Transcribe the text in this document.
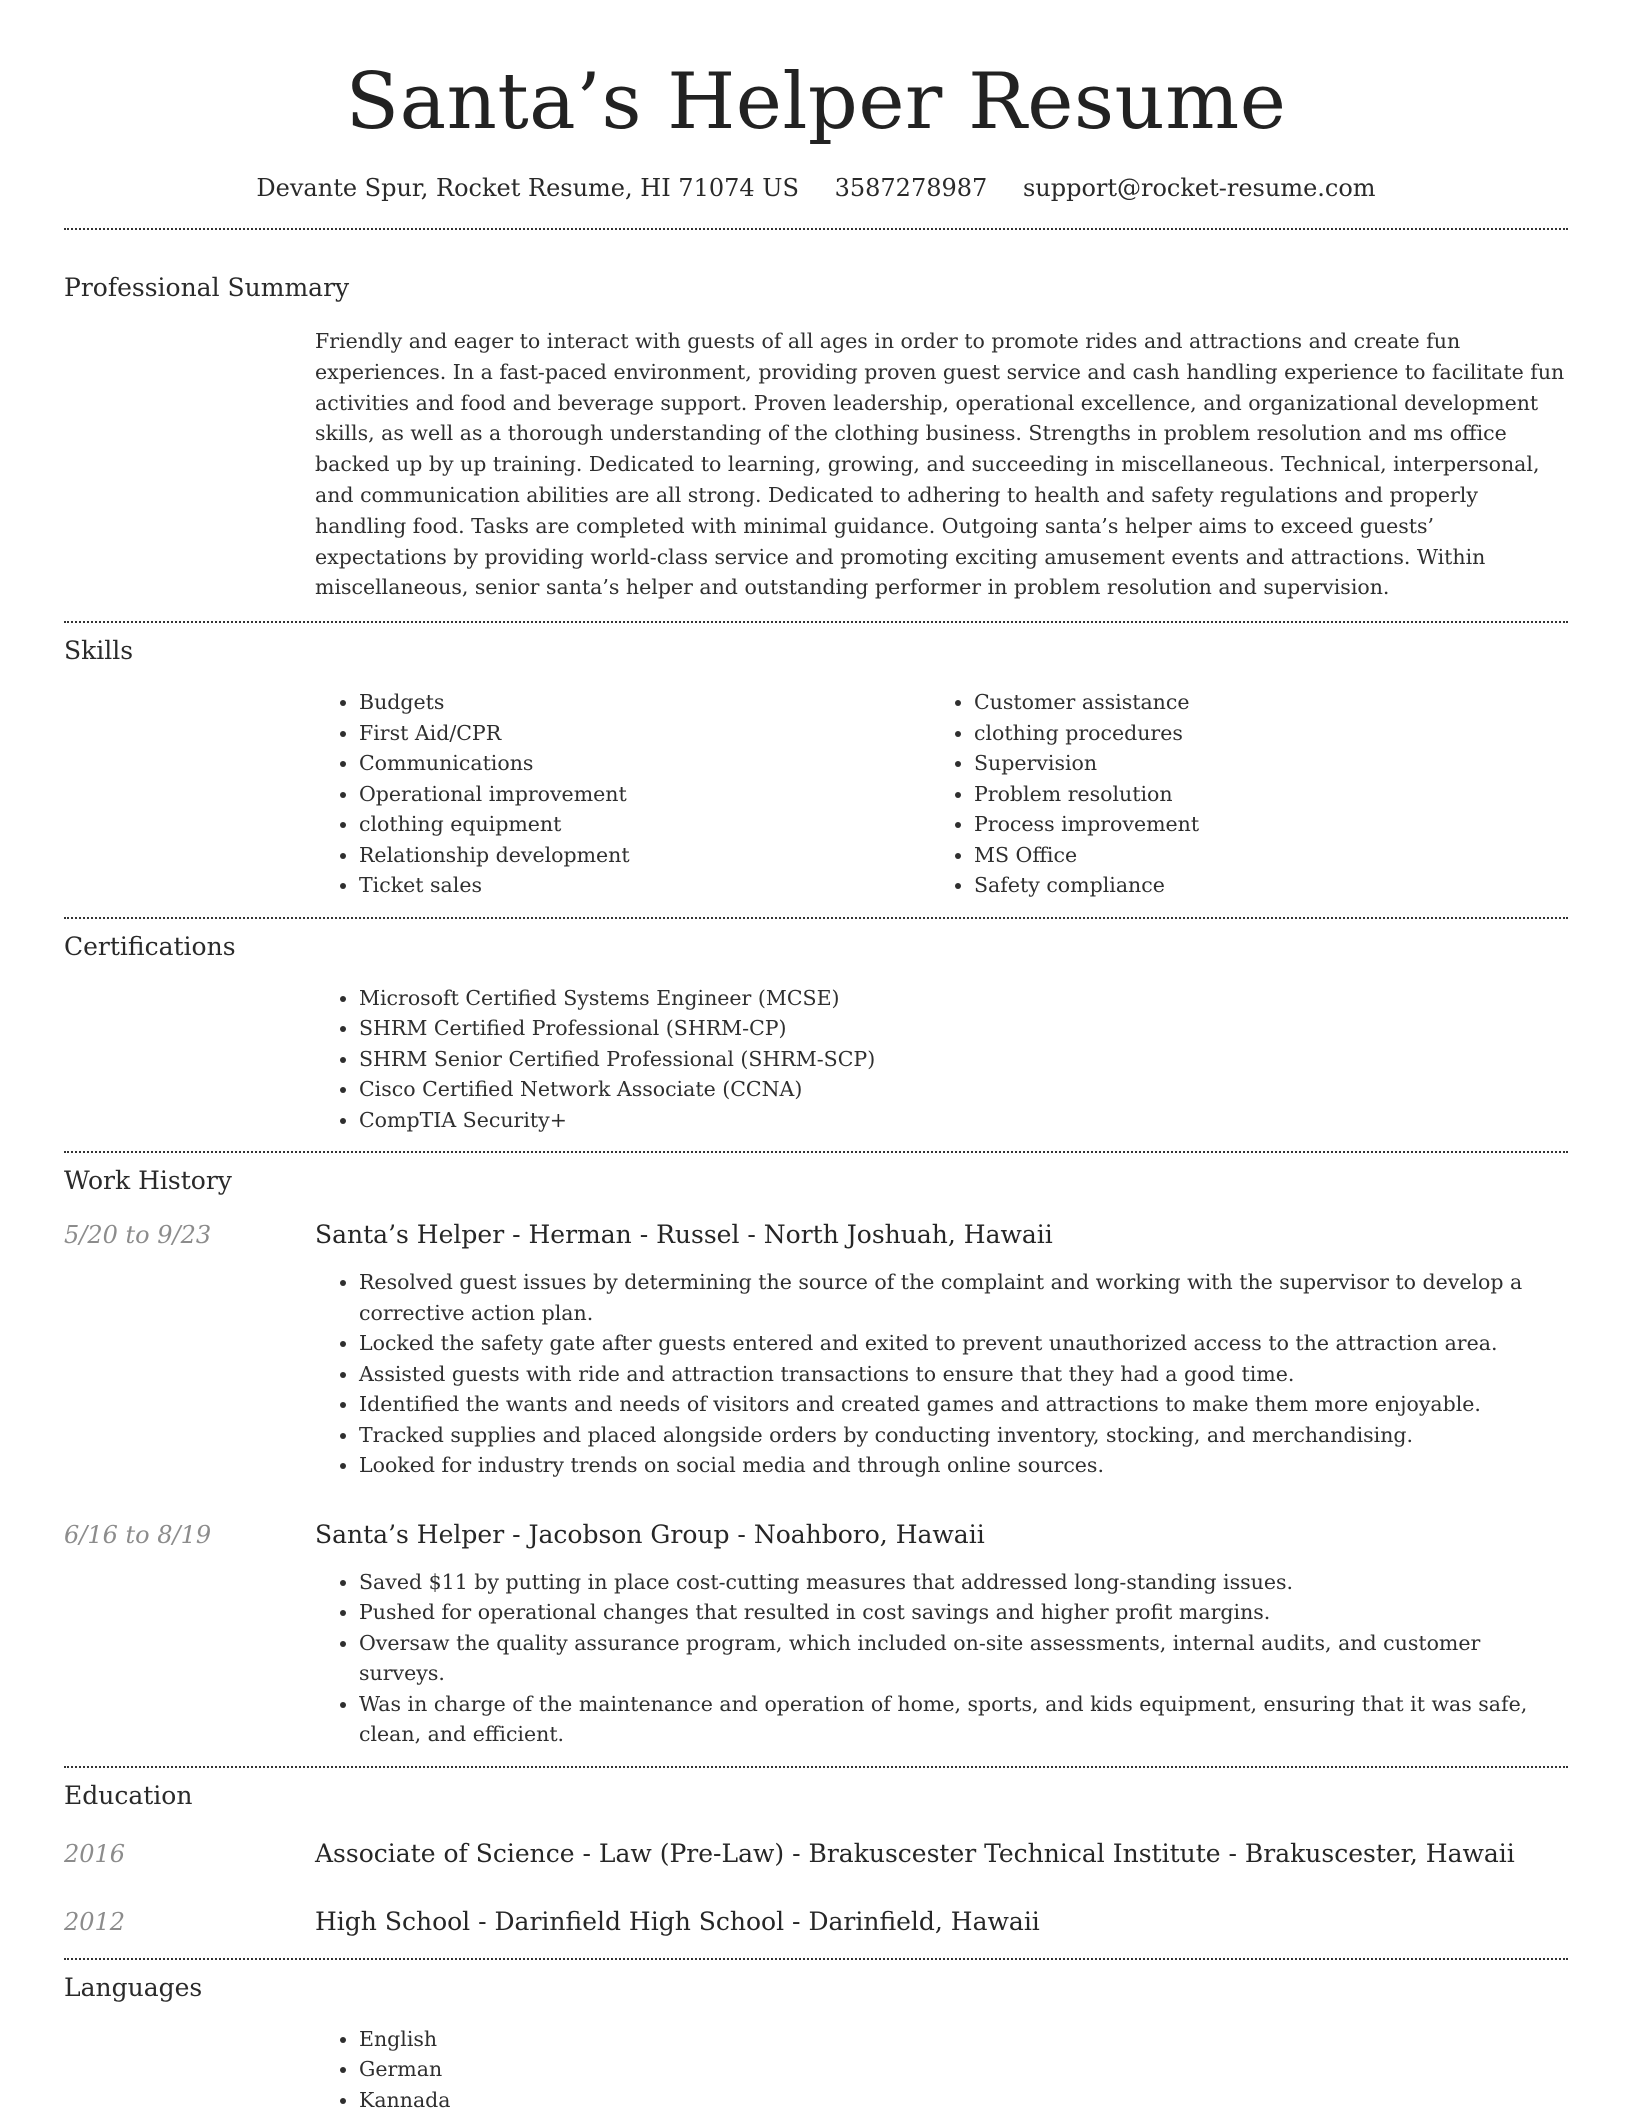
Santa’s Helper Resume
Devante Spur, Rocket Resume, HI 71074 US 3587278987 support@rocket-resume.com
Professional Summary

Friendly and eager to interact with guests of all ages in order to promote rides and attractions and create fun experiences. In a fast-paced environment, providing proven guest service and cash handling experience to facilitate fun activities and food and beverage support. Proven leadership, operational excellence, and organizational development skills, as well as a thorough understanding of the clothing business. Strengths in problem resolution and ms office backed up by up training. Dedicated to learning, growing, and succeeding in miscellaneous. Technical, interpersonal, and communication abilities are all strong. Dedicated to adhering to health and safety regulations and properly handling food. Tasks are completed with minimal guidance. Outgoing santa’s helper aims to exceed guests’ expectations by providing world-class service and promoting exciting amusement events and attractions. Within miscellaneous, senior santa’s helper and outstanding performer in problem resolution and supervision.

Skills
• Budgets
• First Aid/CPR
• Communications
• Operational improvement
• clothing equipment
• Relationship development
• Ticket sales
• Customer assistance
• clothing procedures
• Supervision
• Problem resolution
• Process improvement
• MS Office
• Safety compliance
Certifications
• Microsoft Certified Systems Engineer (MCSE)
• SHRM Certified Professional (SHRM-CP)
• SHRM Senior Certified Professional (SHRM-SCP)
• Cisco Certified Network Associate (CCNA)
• CompTIA Security+
Work History
5/20 to 9/23	Santa’s Helper - Herman - Russel - North Joshuah, Hawaii
• Resolved guest issues by determining the source of the complaint and working with the supervisor to develop a corrective action plan.
• Locked the safety gate after guests entered and exited to prevent unauthorized access to the attraction area.
• Assisted guests with ride and attraction transactions to ensure that they had a good time.
• Identified the wants and needs of visitors and created games and attractions to make them more enjoyable.
• Tracked supplies and placed alongside orders by conducting inventory, stocking, and merchandising.
• Looked for industry trends on social media and through online sources.
6/16 to 8/19	Santa’s Helper - Jacobson Group - Noahboro, Hawaii
• Saved $11 by putting in place cost-cutting measures that addressed long-standing issues.
• Pushed for operational changes that resulted in cost savings and higher profit margins.
• Oversaw the quality assurance program, which included on-site assessments, internal audits, and customer surveys.
• Was in charge of the maintenance and operation of home, sports, and kids equipment, ensuring that it was safe, clean, and efficient.
Education
2016	Associate of Science - Law (Pre-Law) - Brakuscester Technical Institute - Brakuscester, Hawaii
2012	High School - Darinfield High School - Darinfield, Hawaii
Languages
• English
• German
• Kannada
